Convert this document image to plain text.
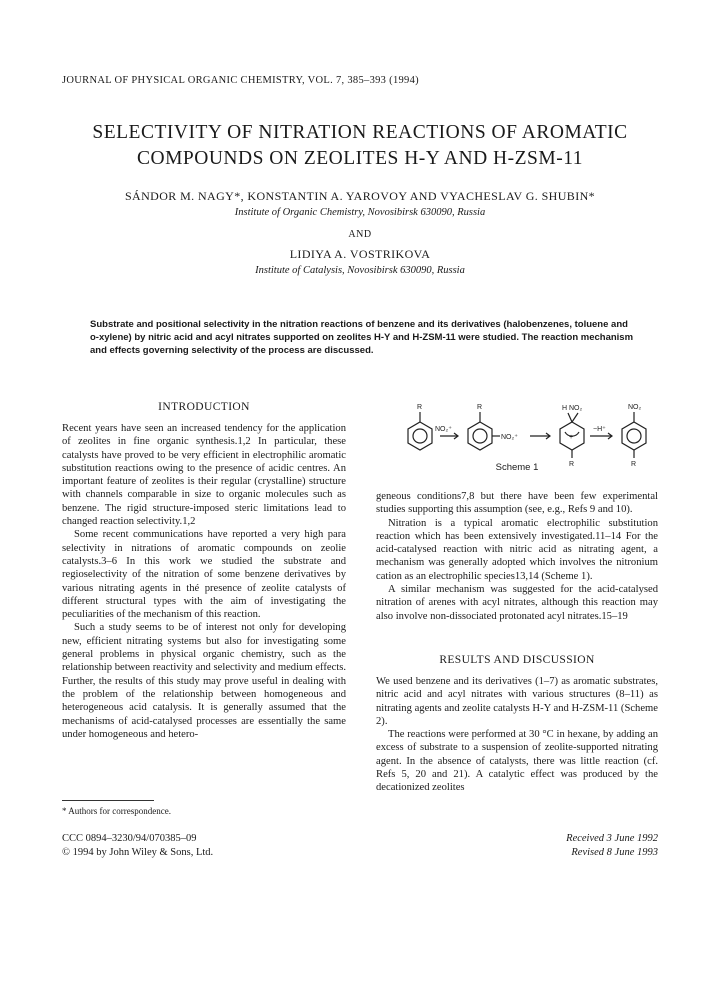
JOURNAL OF PHYSICAL ORGANIC CHEMISTRY, VOL. 7, 385–393 (1994)
SELECTIVITY OF NITRATION REACTIONS OF AROMATIC
COMPOUNDS ON ZEOLITES H-Y AND H-ZSM-11
SÁNDOR M. NAGY*, KONSTANTIN A. YAROVOY AND VYACHESLAV G. SHUBIN*
Institute of Organic Chemistry, Novosibirsk 630090, Russia
AND
LIDIYA A. VOSTRIKOVA
Institute of Catalysis, Novosibirsk 630090, Russia
Substrate and positional selectivity in the nitration reactions of benzene and its derivatives (halobenzenes, toluene and o-xylene) by nitric acid and acyl nitrates supported on zeolites H-Y and H-ZSM-11 were studied. The reaction mechanism and effects governing selectivity of the process are discussed.
INTRODUCTION

Recent years have seen an increased tendency for the application of zeolites in fine organic synthesis.1,2 In particular, these catalysts have proved to be very efficient in electrophilic aromatic substitution reactions owing to the presence of acidic centres. An important feature of zeolites is their regular (crystalline) structure with channels comparable in size to organic molecules such as benzene. The rigid structure-imposed steric limitations lead to changed reaction selectivity.1,2

Some recent communications have reported a very high para selectivity in nitrations of aromatic compounds on zeolie catalysts.3–6 In this work we studied the substrate and regioselectivity of the nitration of some benzene derivatives by various nitrating agents in thé presence of zeolite catalysts of different structural types with the aim of investigating the peculiarities of the mechanism of this reaction.

Such a study seems to be of interest not only for developing new, efficient nitrating systems but also for investigating some general problems in physical organic chemistry, such as the relationship between reactivity and selectivity and medium effects. Further, the results of this study may prove useful in dealing with the problem of the relationship between homogeneous and heterogeneous acid catalysis. It is generally assumed that the mechanisms of acid-catalysed processes are essentially the same under homogeneous and hetero-

R
NO₂⁺
R
NO₂⁺
H NO₂
+
R
−H⁺
NO₂
R
Scheme 1

geneous conditions7,8 but there have been few experimental studies supporting this assumption (see, e.g., Refs 9 and 10).

Nitration is a typical aromatic electrophilic substitution reaction which has been extensively investigated.11–14 For the acid-catalysed reaction with nitric acid as nitrating agent, a mechanism was generally adopted which involves the nitronium cation as an electrophilic species13,14 (Scheme 1).

A similar mechanism was suggested for the acid-catalysed nitration of arenes with acyl nitrates, although this reaction may also involve non-dissociated protonated acyl nitrates.15–19

RESULTS AND DISCUSSION

We used benzene and its derivatives (1–7) as aromatic substrates, nitric acid and acyl nitrates with various structures (8–11) as nitrating agents and zeolite catalysts H-Y and H-ZSM-11 (Scheme 2).

The reactions were performed at 30 °C in hexane, by adding an excess of substrate to a suspension of zeolite-supported nitrating agent. In the absence of catalysts, there was little reaction (cf. Refs 5, 20 and 21). A catalytic effect was produced by the decationized zeolites

* Authors for correspondence.
CCC 0894–3230/94/070385–09
© 1994 by John Wiley & Sons, Ltd.
Received 3 June 1992
Revised 8 June 1993
